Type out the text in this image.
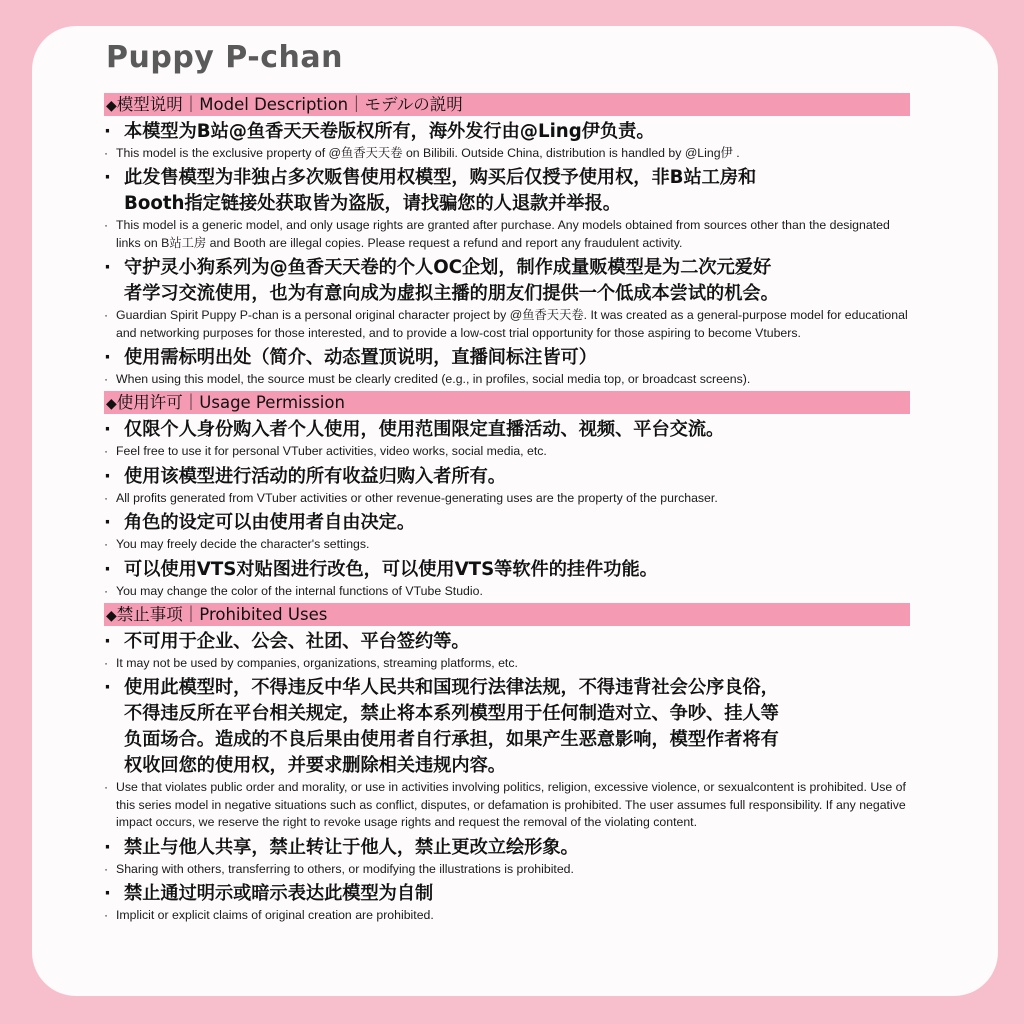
Puppy P-chan
◆模型说明｜Model Description｜モデルの説明
· 本模型为B站@鱼香天天卷版权所有，海外发行由@Ling伊负责。
· This model is the exclusive property of @鱼香天天卷 on Bilibili. Outside China, distribution is handled by @Ling伊 .
· 此发售模型为非独占多次贩售使用权模型，购买后仅授予使用权，非B站工房和
Booth指定链接处获取皆为盗版，请找骗您的人退款并举报。
· This model is a generic model, and only usage rights are granted after purchase. Any models obtained from sources other than the designated links on B站工房 and Booth are illegal copies. Please request a refund and report any fraudulent activity.
· 守护灵小狗系列为@鱼香天天卷的个人OC企划，制作成量贩模型是为二次元爱好
者学习交流使用，也为有意向成为虚拟主播的朋友们提供一个低成本尝试的机会。
· Guardian Spirit Puppy P-chan is a personal original character project by @鱼香天天卷. It was created as a general-purpose model for educational and networking purposes for those interested, and to provide a low-cost trial opportunity for those aspiring to become Vtubers.
· 使用需标明出处（简介、动态置顶说明，直播间标注皆可）
· When using this model, the source must be clearly credited (e.g., in profiles, social media top, or broadcast screens).
◆使用许可｜Usage Permission
· 仅限个人身份购入者个人使用，使用范围限定直播活动、视频、平台交流。
· Feel free to use it for personal VTuber activities, video works, social media, etc.
· 使用该模型进行活动的所有收益归购入者所有。
· All profits generated from VTuber activities or other revenue-generating uses are the property of the purchaser.
· 角色的设定可以由使用者自由决定。
· You may freely decide the character's settings.
· 可以使用VTS对贴图进行改色，可以使用VTS等软件的挂件功能。
· You may change the color of the internal functions of VTube Studio.
◆禁止事项｜Prohibited Uses
· 不可用于企业、公会、社团、平台签约等。
· It may not be used by companies, organizations, streaming platforms, etc.
· 使用此模型时，不得违反中华人民共和国现行法律法规，不得违背社会公序良俗，
不得违反所在平台相关规定，禁止将本系列模型用于任何制造对立、争吵、挂人等
负面场合。造成的不良后果由使用者自行承担，如果产生恶意影响，模型作者将有
权收回您的使用权，并要求删除相关违规内容。
· Use that violates public order and morality, or use in activities involving politics, religion, excessive violence, or sexualcontent is prohibited. Use of this series model in negative situations such as conflict, disputes, or defamation is prohibited. The user assumes full responsibility. If any negative impact occurs, we reserve the right to revoke usage rights and request the removal of the violating content.
· 禁止与他人共享，禁止转让于他人，禁止更改立绘形象。
· Sharing with others, transferring to others, or modifying the illustrations is prohibited.
· 禁止通过明示或暗示表达此模型为自制
· Implicit or explicit claims of original creation are prohibited.
